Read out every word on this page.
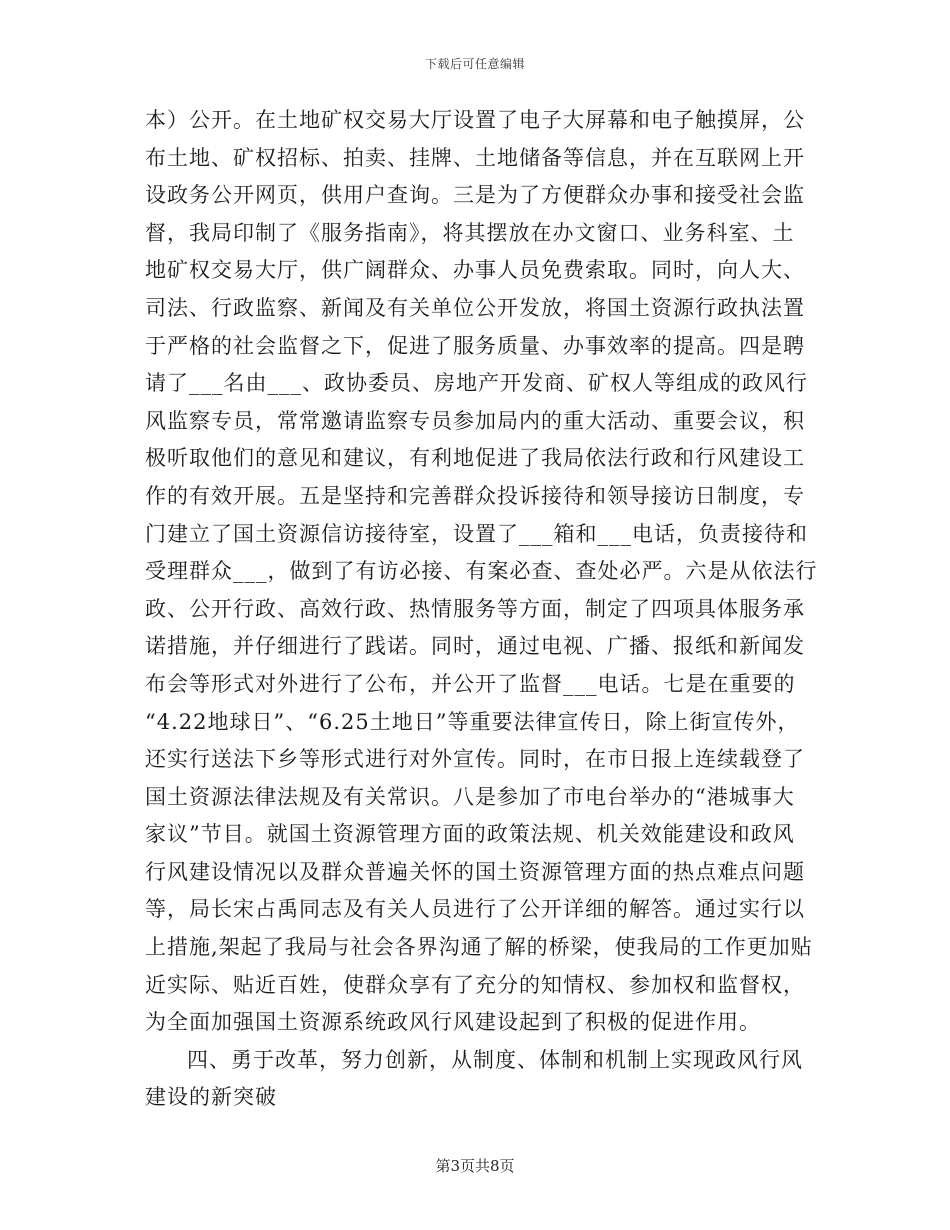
下载后可任意编辑
本）公开。在土地矿权交易大厅设置了电子大屏幕和电子触摸屏，公
布土地、矿权招标、拍卖、挂牌、土地储备等信息，并在互联网上开
设政务公开网页，供用户查询。三是为了方便群众办事和接受社会监
督，我局印制了《服务指南》，将其摆放在办文窗口、业务科室、土
地矿权交易大厅，供广阔群众、办事人员免费索取。同时，向人大、
司法、行政监察、新闻及有关单位公开发放，将国土资源行政执法置
于严格的社会监督之下，促进了服务质量、办事效率的提高。四是聘
请了___名由___、政协委员、房地产开发商、矿权人等组成的政风行
风监察专员，常常邀请监察专员参加局内的重大活动、重要会议，积
极听取他们的意见和建议，有利地促进了我局依法行政和行风建设工
作的有效开展。五是坚持和完善群众投诉接待和领导接访日制度，专
门建立了国土资源信访接待室，设置了___箱和___电话，负责接待和
受理群众___，做到了有访必接、有案必查、查处必严。六是从依法行
政、公开行政、高效行政、热情服务等方面，制定了四项具体服务承
诺措施，并仔细进行了践诺。同时，通过电视、广播、报纸和新闻发
布会等形式对外进行了公布，并公开了监督___电话。七是在重要的
“4.22地球日”、“6.25土地日”等重要法律宣传日，除上街宣传外，
还实行送法下乡等形式进行对外宣传。同时，在市日报上连续载登了
国土资源法律法规及有关常识。八是参加了市电台举办的“港城事大
家议”节目。就国土资源管理方面的政策法规、机关效能建设和政风
行风建设情况以及群众普遍关怀的国土资源管理方面的热点难点问题
等，局长宋占禹同志及有关人员进行了公开详细的解答。通过实行以
上措施,架起了我局与社会各界沟通了解的桥梁，使我局的工作更加贴
近实际、贴近百姓，使群众享有了充分的知情权、参加权和监督权，
为全面加强国土资源系统政风行风建设起到了积极的促进作用。
四、勇于改革，努力创新，从制度、体制和机制上实现政风行风
建设的新突破
第3页共8页
